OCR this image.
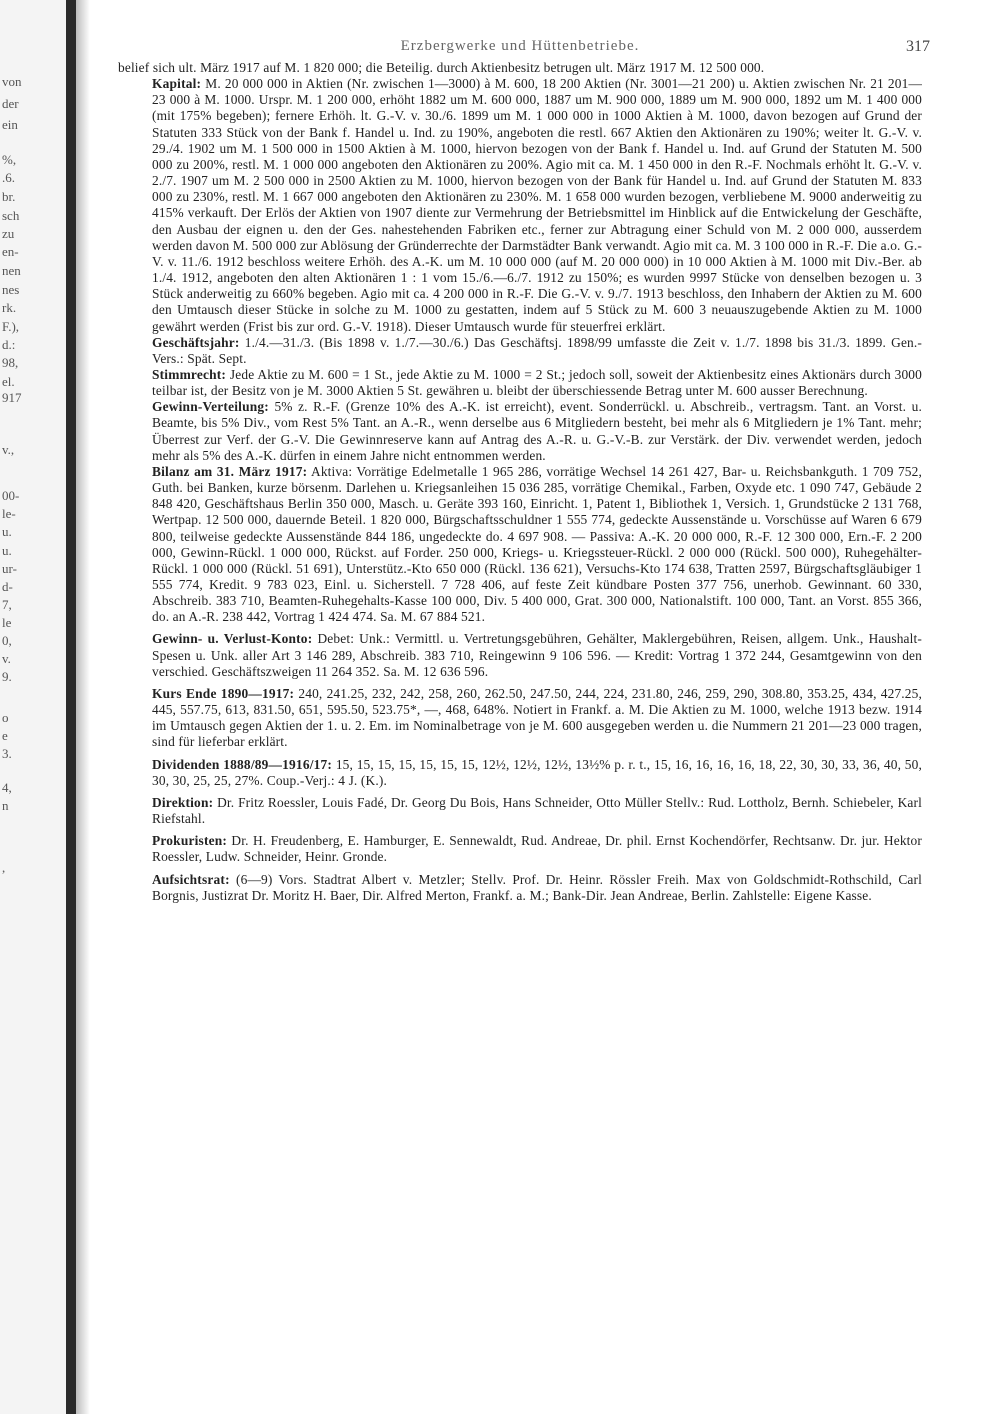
von
der
ein
%,
.6.
br.
sch
zu
en-
nen
nes
rk.
F.),
d.:
98,
el.
917
v.,
00-
le-
u.
u.
ur-
d-
7,
le
0,
v.
9.
o
e
3.
4,
n
,
Erzbergwerke und Hüttenbetriebe.	317

belief sich ult. März 1917 auf M. 1 820 000; die Beteilig. durch Aktienbesitz betrugen ult. März 1917 M. 12 500 000.

Kapital: M. 20 000 000 in Aktien (Nr. zwischen 1—3000) à M. 600, 18 200 Aktien (Nr. 3001—21 200) u. Aktien zwischen Nr. 21 201—23 000 à M. 1000. Urspr. M. 1 200 000, erhöht 1882 um M. 600 000, 1887 um M. 900 000, 1889 um M. 900 000, 1892 um M. 1 400 000 (mit 175% begeben); fernere Erhöh. lt. G.-V. v. 30./6. 1899 um M. 1 000 000 in 1000 Aktien à M. 1000, davon bezogen auf Grund der Statuten 333 Stück von der Bank f. Handel u. Ind. zu 190%, angeboten die restl. 667 Aktien den Aktionären zu 190%; weiter lt. G.-V. v. 29./4. 1902 um M. 1 500 000 in 1500 Aktien à M. 1000, hiervon bezogen von der Bank f. Handel u. Ind. auf Grund der Statuten M. 500 000 zu 200%, restl. M. 1 000 000 angeboten den Aktionären zu 200%. Agio mit ca. M. 1 450 000 in den R.-F. Nochmals erhöht lt. G.-V. v. 2./7. 1907 um M. 2 500 000 in 2500 Aktien zu M. 1000, hiervon bezogen von der Bank für Handel u. Ind. auf Grund der Statuten M. 833 000 zu 230%, restl. M. 1 667 000 angeboten den Aktionären zu 230%. M. 1 658 000 wurden bezogen, verbliebene M. 9000 anderweitig zu 415% verkauft. Der Erlös der Aktien von 1907 diente zur Vermehrung der Betriebsmittel im Hinblick auf die Entwickelung der Geschäfte, den Ausbau der eignen u. den der Ges. nahestehenden Fabriken etc., ferner zur Abtragung einer Schuld von M. 2 000 000, ausserdem werden davon M. 500 000 zur Ablösung der Gründerrechte der Darmstädter Bank verwandt. Agio mit ca. M. 3 100 000 in R.-F. Die a.o. G.-V. v. 11./6. 1912 beschloss weitere Erhöh. des A.-K. um M. 10 000 000 (auf M. 20 000 000) in 10 000 Aktien à M. 1000 mit Div.-Ber. ab 1./4. 1912, angeboten den alten Aktionären 1 : 1 vom 15./6.—6./7. 1912 zu 150%; es wurden 9997 Stücke von denselben bezogen u. 3 Stück anderweitig zu 660% begeben. Agio mit ca. 4 200 000 in R.-F. Die G.-V. v. 9./7. 1913 beschloss, den Inhabern der Aktien zu M. 600 den Umtausch dieser Stücke in solche zu M. 1000 zu gestatten, indem auf 5 Stück zu M. 600 3 neuauszugebende Aktien zu M. 1000 gewährt werden (Frist bis zur ord. G.-V. 1918). Dieser Umtausch wurde für steuerfrei erklärt.

Geschäftsjahr: 1./4.—31./3. (Bis 1898 v. 1./7.—30./6.) Das Geschäftsj. 1898/99 umfasste die Zeit v. 1./7. 1898 bis 31./3. 1899. Gen.-Vers.: Spät. Sept.

Stimmrecht: Jede Aktie zu M. 600 = 1 St., jede Aktie zu M. 1000 = 2 St.; jedoch soll, soweit der Aktienbesitz eines Aktionärs durch 3000 teilbar ist, der Besitz von je M. 3000 Aktien 5 St. gewähren u. bleibt der überschiessende Betrag unter M. 600 ausser Berechnung.

Gewinn-Verteilung: 5% z. R.-F. (Grenze 10% des A.-K. ist erreicht), event. Sonderrückl. u. Abschreib., vertragsm. Tant. an Vorst. u. Beamte, bis 5% Div., vom Rest 5% Tant. an A.-R., wenn derselbe aus 6 Mitgliedern besteht, bei mehr als 6 Mitgliedern je 1% Tant. mehr; Überrest zur Verf. der G.-V. Die Gewinnreserve kann auf Antrag des A.-R. u. G.-V.-B. zur Verstärk. der Div. verwendet werden, jedoch mehr als 5% des A.-K. dürfen in einem Jahre nicht entnommen werden.

Bilanz am 31. März 1917: Aktiva: Vorrätige Edelmetalle 1 965 286, vorrätige Wechsel 14 261 427, Bar- u. Reichsbankguth. 1 709 752, Guth. bei Banken, kurze börsenm. Darlehen u. Kriegsanleihen 15 036 285, vorrätige Chemikal., Farben, Oxyde etc. 1 090 747, Gebäude 2 848 420, Geschäftshaus Berlin 350 000, Masch. u. Geräte 393 160, Einricht. 1, Patent 1, Bibliothek 1, Versich. 1, Grundstücke 2 131 768, Wertpap. 12 500 000, dauernde Beteil. 1 820 000, Bürgschaftsschuldner 1 555 774, gedeckte Aussenstände u. Vorschüsse auf Waren 6 679 800, teilweise gedeckte Aussenstände 844 186, ungedeckte do. 4 697 908. — Passiva: A.-K. 20 000 000, R.-F. 12 300 000, Ern.-F. 2 200 000, Gewinn-Rückl. 1 000 000, Rückst. auf Forder. 250 000, Kriegs- u. Kriegssteuer-Rückl. 2 000 000 (Rückl. 500 000), Ruhegehälter-Rückl. 1 000 000 (Rückl. 51 691), Unterstütz.-Kto 650 000 (Rückl. 136 621), Versuchs-Kto 174 638, Tratten 2597, Bürgschaftsgläubiger 1 555 774, Kredit. 9 783 023, Einl. u. Sicherstell. 7 728 406, auf feste Zeit kündbare Posten 377 756, unerhob. Gewinnant. 60 330, Abschreib. 383 710, Beamten-Ruhegehalts-Kasse 100 000, Div. 5 400 000, Grat. 300 000, Nationalstift. 100 000, Tant. an Vorst. 855 366, do. an A.-R. 238 442, Vortrag 1 424 474. Sa. M. 67 884 521.

Gewinn- u. Verlust-Konto: Debet: Unk.: Vermittl. u. Vertretungsgebühren, Gehälter, Maklergebühren, Reisen, allgem. Unk., Haushalt-Spesen u. Unk. aller Art 3 146 289, Abschreib. 383 710, Reingewinn 9 106 596. — Kredit: Vortrag 1 372 244, Gesamtgewinn von den verschied. Geschäftszweigen 11 264 352. Sa. M. 12 636 596.

Kurs Ende 1890—1917: 240, 241.25, 232, 242, 258, 260, 262.50, 247.50, 244, 224, 231.80, 246, 259, 290, 308.80, 353.25, 434, 427.25, 445, 557.75, 613, 831.50, 651, 595.50, 523.75*, —, 468, 648%. Notiert in Frankf. a. M. Die Aktien zu M. 1000, welche 1913 bezw. 1914 im Umtausch gegen Aktien der 1. u. 2. Em. im Nominalbetrage von je M. 600 ausgegeben werden u. die Nummern 21 201—23 000 tragen, sind für lieferbar erklärt.

Dividenden 1888/89—1916/17: 15, 15, 15, 15, 15, 15, 15, 12½, 12½, 12½, 13½% p. r. t., 15, 16, 16, 16, 16, 18, 22, 30, 30, 33, 36, 40, 50, 30, 30, 25, 25, 27%. Coup.-Verj.: 4 J. (K.).

Direktion: Dr. Fritz Roessler, Louis Fadé, Dr. Georg Du Bois, Hans Schneider, Otto Müller Stellv.: Rud. Lottholz, Bernh. Schiebeler, Karl Riefstahl.

Prokuristen: Dr. H. Freudenberg, E. Hamburger, E. Sennewaldt, Rud. Andreae, Dr. phil. Ernst Kochendörfer, Rechtsanw. Dr. jur. Hektor Roessler, Ludw. Schneider, Heinr. Gronde.

Aufsichtsrat: (6—9) Vors. Stadtrat Albert v. Metzler; Stellv. Prof. Dr. Heinr. Rössler Freih. Max von Goldschmidt-Rothschild, Carl Borgnis, Justizrat Dr. Moritz H. Baer, Dir. Alfred Merton, Frankf. a. M.; Bank-Dir. Jean Andreae, Berlin. Zahlstelle: Eigene Kasse.
